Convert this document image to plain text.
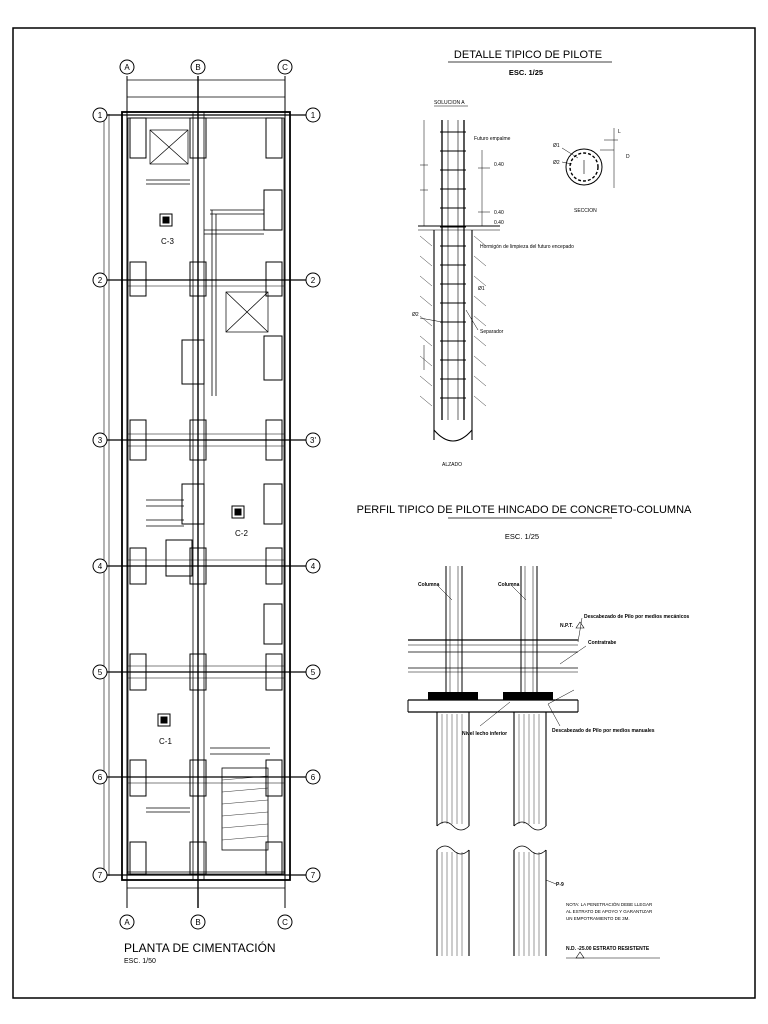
A	B	C
A	B	C
1
2
3
4
5
6
7
1
2
3'
4
5
6
7
C-3
C-2
C-1
PLANTA DE CIMENTACIÓN
ESC. 1/50
DETALLE TIPICO DE PILOTE
ESC. 1/25
SOLUCION A
Futuro empalme
0.40
0.40
0.40
Hormigón de limpieza del futuro encepado
Ø1
Ø2
Separador
ALZADO
Ø1
Ø2
L
D
SECCION
PERFIL TIPICO DE PILOTE HINCADO DE CONCRETO-COLUMNA
ESC. 1/25
Columna	Columna
N.P.T.
Descabezado de Pilo por medios mecánicos
Contratrabe
Nivel lecho inferior	Descabezado de Pilo por medios manuales
P-9
N.D. -25.00 ESTRATO RESISTENTE
NOTA: LA PENETRACIÓN DEBE LLEGAR
AL ESTRATO DE APOYO Y GARANTIZAR
UN EMPOTRAMIENTO DE 3M.
